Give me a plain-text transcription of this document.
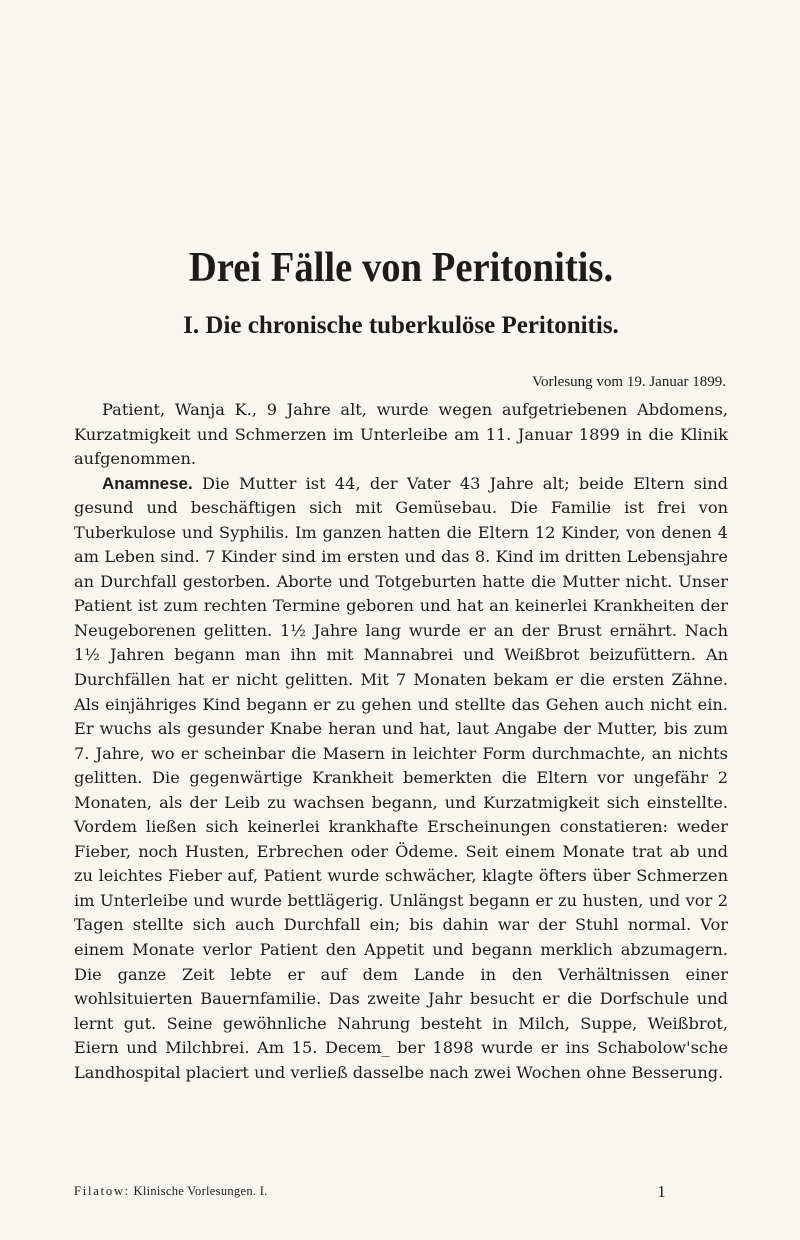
Drei Fälle von Peritonitis.
I. Die chronische tuberkulöse Peritonitis.

Vorlesung vom 19. Januar 1899.

Patient, Wanja K., 9 Jahre alt, wurde wegen aufgetriebenen Abdomens, Kurzatmigkeit und Schmerzen im Unterleibe am 11. Januar 1899 in die Klinik aufgenommen.

Anamnese. Die Mutter ist 44, der Vater 43 Jahre alt; beide Eltern sind gesund und beschäftigen sich mit Gemüsebau. Die Familie ist frei von Tuberkulose und Syphilis. Im ganzen hatten die Eltern 12 Kinder, von denen 4 am Leben sind. 7 Kinder sind im ersten und das 8. Kind im dritten Lebensjahre an Durchfall gestorben. Aborte und Totgeburten hatte die Mutter nicht. Unser Patient ist zum rechten Termine geboren und hat an keinerlei Krankheiten der Neugeborenen gelitten. 1½ Jahre lang wurde er an der Brust ernährt. Nach 1½ Jahren begann man ihn mit Mannabrei und Weißbrot beizufüttern. An Durchfällen hat er nicht gelitten. Mit 7 Monaten bekam er die ersten Zähne. Als einjähriges Kind begann er zu gehen und stellte das Gehen auch nicht ein. Er wuchs als gesunder Knabe heran und hat, laut Angabe der Mutter, bis zum 7. Jahre, wo er scheinbar die Masern in leichter Form durchmachte, an nichts gelitten. Die gegenwärtige Krankheit bemerkten die Eltern vor ungefähr 2 Monaten, als der Leib zu wachsen begann, und Kurzatmigkeit sich einstellte. Vordem ließen sich keinerlei krankhafte Erscheinungen constatieren: weder Fieber, noch Husten, Erbrechen oder Ödeme. Seit einem Monate trat ab und zu leichtes Fieber auf, Patient wurde schwächer, klagte öfters über Schmerzen im Unterleibe und wurde bettlägerig. Unlängst begann er zu husten, und vor 2 Tagen stellte sich auch Durchfall ein; bis dahin war der Stuhl normal. Vor einem Monate verlor Patient den Appetit und begann merklich abzumagern. Die ganze Zeit lebte er auf dem Lande in den Verhältnissen einer wohlsituierten Bauernfamilie. Das zweite Jahr besucht er die Dorfschule und lernt gut. Seine gewöhnliche Nahrung besteht in Milch, Suppe, Weißbrot, Eiern und Milchbrei. Am 15. Decem_ ber 1898 wurde er ins Schabolow'sche Landhospital placiert und verließ dasselbe nach zwei Wochen ohne Besserung.

Filatow: Klinische Vorlesungen. I.	1
